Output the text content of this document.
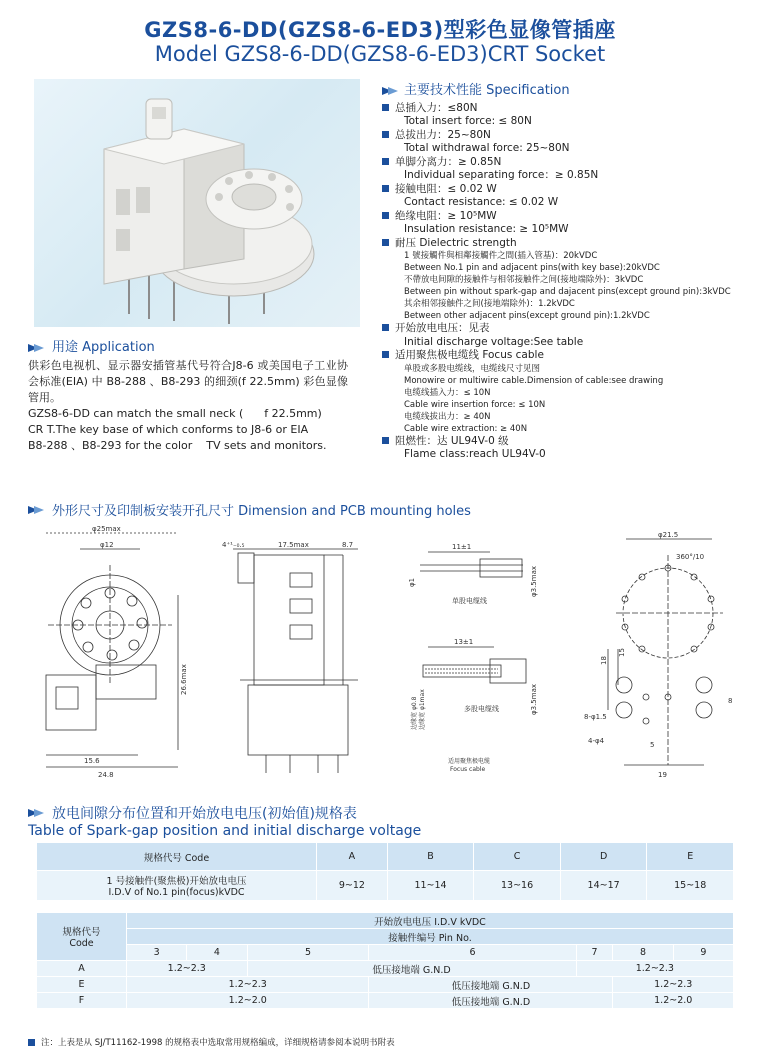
GZS8-6-DD(GZS8-6-ED3)型彩色显像管插座
Model GZS8-6-DD(GZS8-6-ED3)CRT Socket
主要技术性能 Specification
总插入力：≤80N
Total insert force: ≤ 80N
总拔出力：25~80N
Total withdrawal force: 25~80N
单脚分离力：≥ 0.85N
Individual separating force：≥ 0.85N
接触电阻：≤ 0.02 W
Contact resistance: ≤ 0.02 W
绝缘电阻：≥ 10⁵MW
Insulation resistance: ≥ 10⁵MW
耐压 Dielectric strength
1 號接觸件與相鄰接觸件之間(插入管基)：20kVDC
Between No.1 pin and adjacent pins(with key base):20kVDC
不帶放电间隙的接触件与相邻接触件之间(接地端除外)：3kVDC
Between pin without spark-gap and dajacent pins(except ground pin):3kVDC
其余相邻接触件之间(接地端除外)：1.2kVDC
Between other adjacent pins(except ground pin):1.2kVDC
开始放电电压：见表
Initial discharge voltage:See table
适用聚焦极电缆线 Focus cable
单股或多股电缆线，电缆线尺寸见图
Monowire or multiwire cable.Dimension of cable:see drawing
电缆线插入力：≤ 10N
Cable wire insertion force: ≤ 10N
电缆线拔出力：≥ 40N
Cable wire extraction: ≥ 40N
阻燃性：达 UL94V-0 级
Flame class:reach UL94V-0
用途 Application
供彩色电视机、显示器安插管基代号符合J8-6 或美国电子工业协会标准(EIA) 中 B8-288 、B8-293 的细颈(f 22.5mm) 彩色显像管用。
GZS8-6-DD can match the small neck (      f 22.5mm)
CR T.The key base of which conforms to J8-6 or EIA
B8-288 、B8-293 for the color    TV sets and monitors.
外形尺寸及印制板安装开孔尺寸 Dimension and PCB mounting holes
φ25max
φ12
26.6max
15.6
24.8
4⁺¹₋₀.₅	17.5max	8.7	11±1
φ1	φ3.5max
单股电缆线
13±1
φ3.5max
多股电缆线
边缘宽 φ0.8 边缘宽 φ1max
适用聚焦极电缆
Focus cable
φ21.5
360°/10
18
15
8-φ1.5
4-φ4	5
8
19
放电间隙分布位置和开始放电电压(初始值)规格表
Table of Spark-gap position and initial discharge voltage
规格代号 Code	A	B	C	D	E

1 号接触件(聚焦极)开始放电电压
I.D.V of No.1 pin(focus)kVDC	9~12	11~14	13~16	14~17	15~18
规格代号
Code	开始放电电压 I.D.V kVDC						
	接触件编号 Pin No.						
	3	4	5	6	7	8	9
A	1.2~2.3		低压接地端 G.N.D		1.2~2.3		
E	1.2~2.3			低压接地端 G.N.D		1.2~2.3	
F	1.2~2.0			低压接地端 G.N.D		1.2~2.0	
注：上表是从 SJ/T11162-1998 的规格表中选取常用规格编成，详细规格请参阅本说明书附表
